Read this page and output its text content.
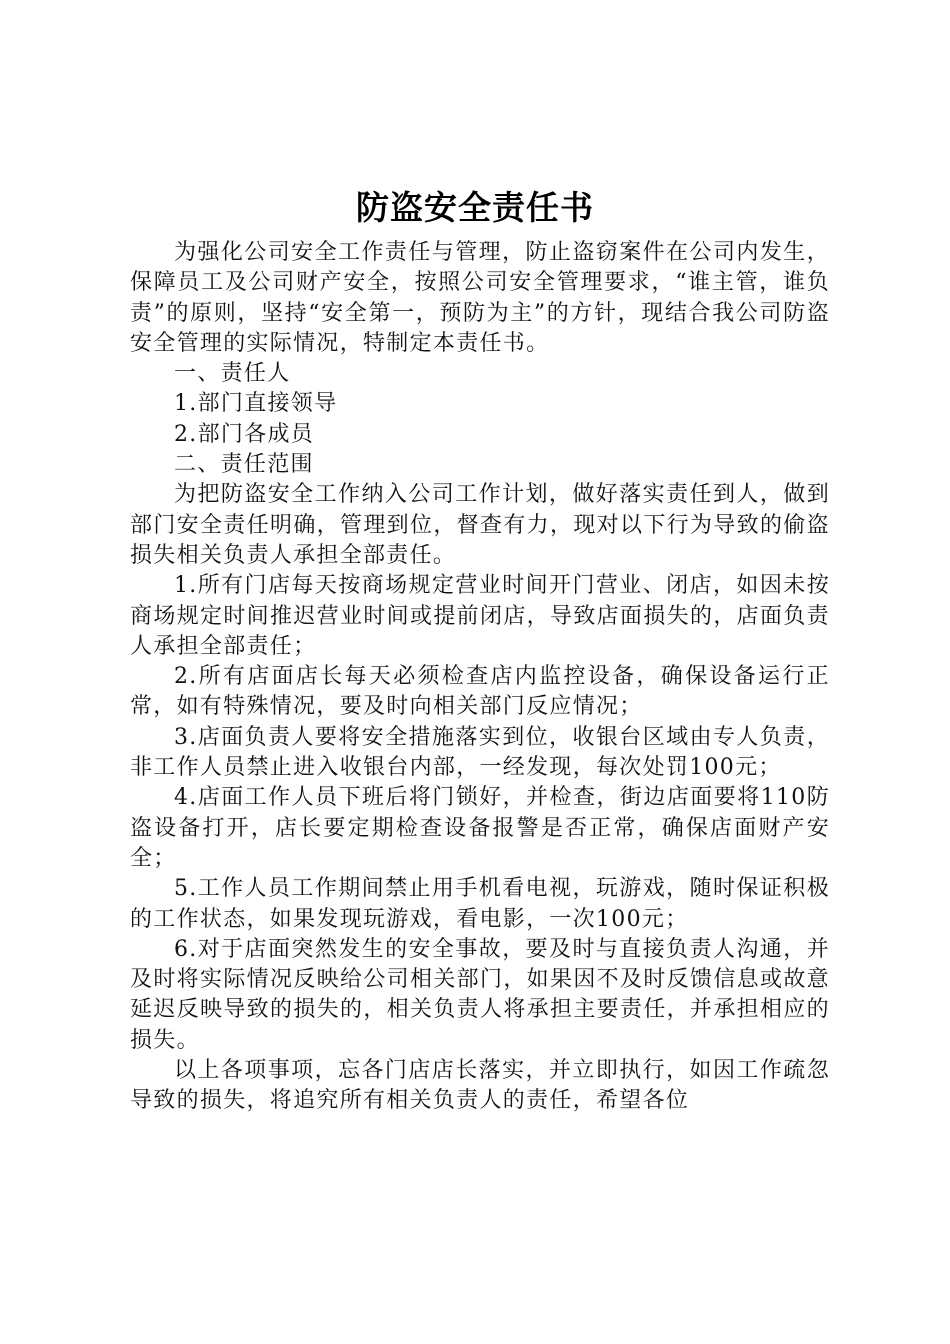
防盗安全责任书

为强化公司安全工作责任与管理，防止盗窃案件在公司内发生，保障员工及公司财产安全，按照公司安全管理要求，“谁主管，谁负责”的原则，坚持“安全第一，预防为主”的方针，现结合我公司防盗安全管理的实际情况，特制定本责任书。

一、责任人

1.部门直接领导

2.部门各成员

二、责任范围

为把防盗安全工作纳入公司工作计划，做好落实责任到人，做到部门安全责任明确，管理到位，督查有力，现对以下行为导致的偷盗损失相关负责人承担全部责任。

1.所有门店每天按商场规定营业时间开门营业、闭店，如因未按商场规定时间推迟营业时间或提前闭店，导致店面损失的，店面负责人承担全部责任；

2.所有店面店长每天必须检查店内监控设备，确保设备运行正常，如有特殊情况，要及时向相关部门反应情况；

3.店面负责人要将安全措施落实到位，收银台区域由专人负责，非工作人员禁止进入收银台内部，一经发现，每次处罚100元；

4.店面工作人员下班后将门锁好，并检查，街边店面要将110防盗设备打开，店长要定期检查设备报警是否正常，确保店面财产安全；

5.工作人员工作期间禁止用手机看电视，玩游戏，随时保证积极的工作状态，如果发现玩游戏，看电影，一次100元；

6.对于店面突然发生的安全事故，要及时与直接负责人沟通，并及时将实际情况反映给公司相关部门，如果因不及时反馈信息或故意延迟反映导致的损失的，相关负责人将承担主要责任，并承担相应的损失。

以上各项事项，忘各门店店长落实，并立即执行，如因工作疏忽导致的损失，将追究所有相关负责人的责任，希望各位
